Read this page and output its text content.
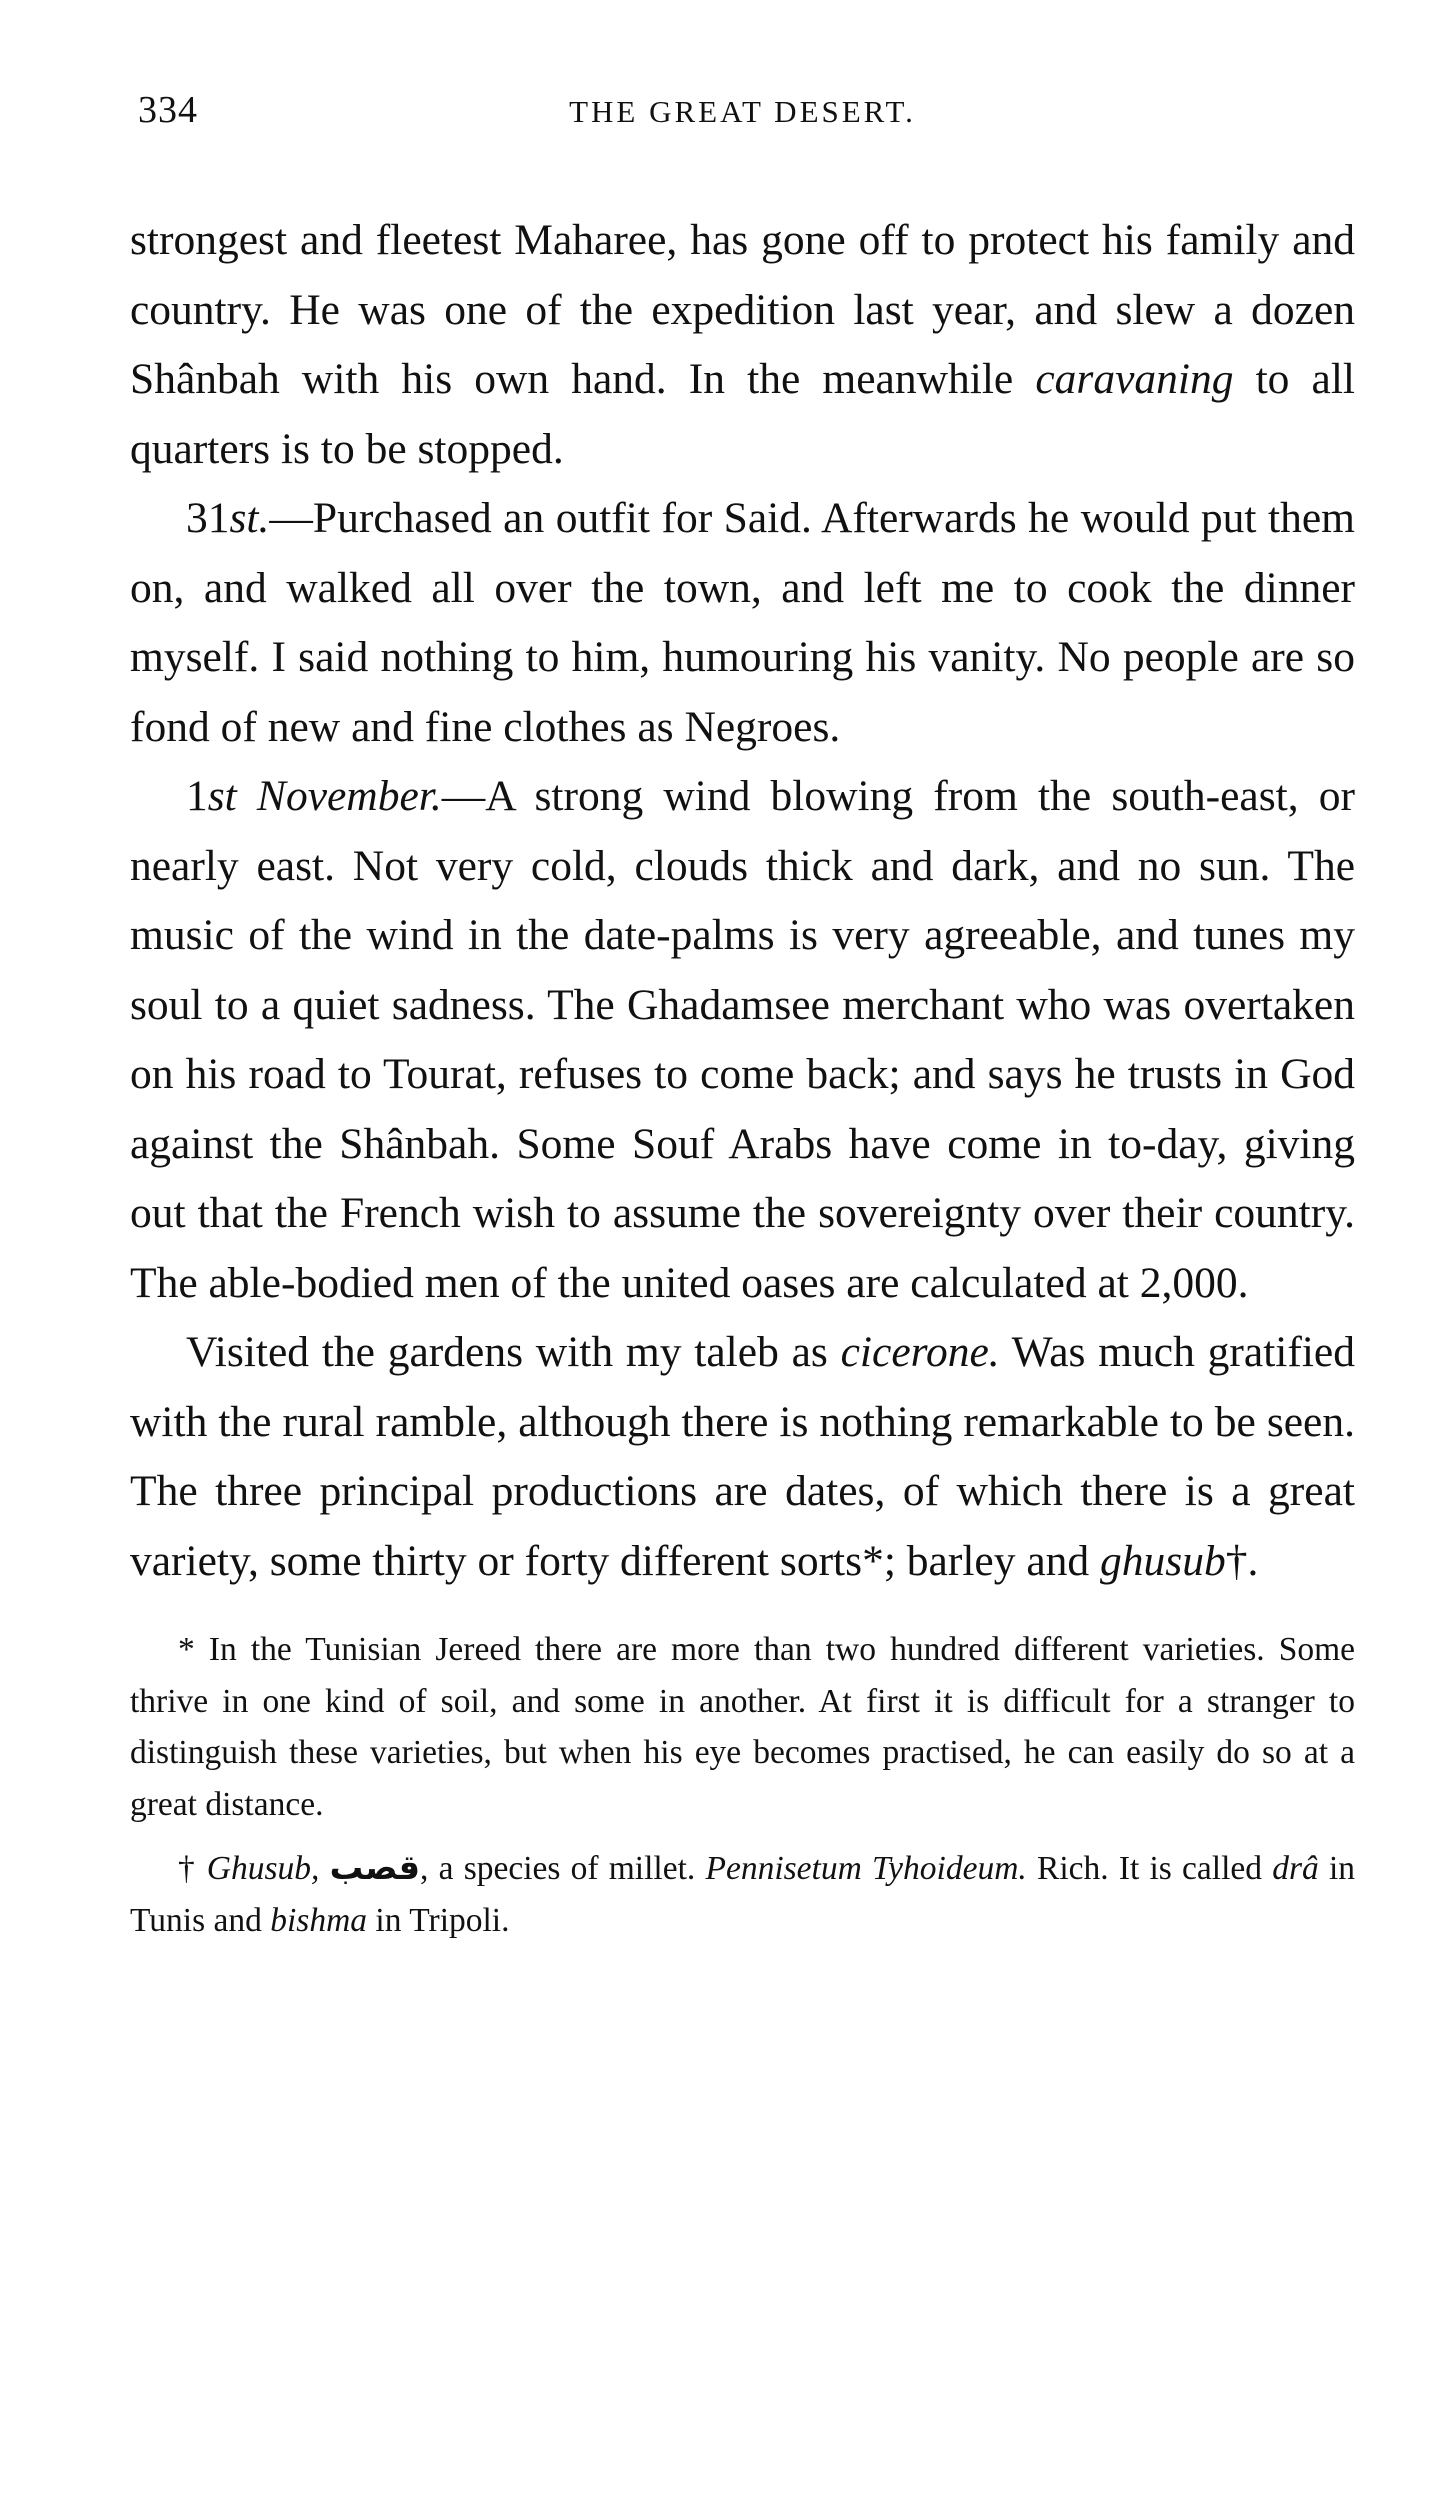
334	THE GREAT DESERT.

strongest and fleetest Maharee, has gone off to protect his family and country. He was one of the expedition last year, and slew a dozen Shânbah with his own hand. In the meanwhile caravaning to all quarters is to be stopped.

31st.—Purchased an outfit for Said. Afterwards he would put them on, and walked all over the town, and left me to cook the dinner myself. I said nothing to him, humouring his vanity. No people are so fond of new and fine clothes as Negroes.

1st November.—A strong wind blowing from the south-east, or nearly east. Not very cold, clouds thick and dark, and no sun. The music of the wind in the date-palms is very agreeable, and tunes my soul to a quiet sadness. The Ghadamsee merchant who was overtaken on his road to Tourat, refuses to come back; and says he trusts in God against the Shânbah. Some Souf Arabs have come in to-day, giving out that the French wish to assume the sovereignty over their country. The able-bodied men of the united oases are calculated at 2,000.

Visited the gardens with my taleb as cicerone. Was much gratified with the rural ramble, although there is nothing remarkable to be seen. The three principal productions are dates, of which there is a great variety, some thirty or forty different sorts*; barley and ghusub†.

* In the Tunisian Jereed there are more than two hundred different varieties. Some thrive in one kind of soil, and some in another. At first it is difficult for a stranger to distinguish these varieties, but when his eye becomes practised, he can easily do so at a great distance.

† Ghusub, قصب, a species of millet. Pennisetum Tyhoideum. Rich. It is called drâ in Tunis and bishma in Tripoli.
